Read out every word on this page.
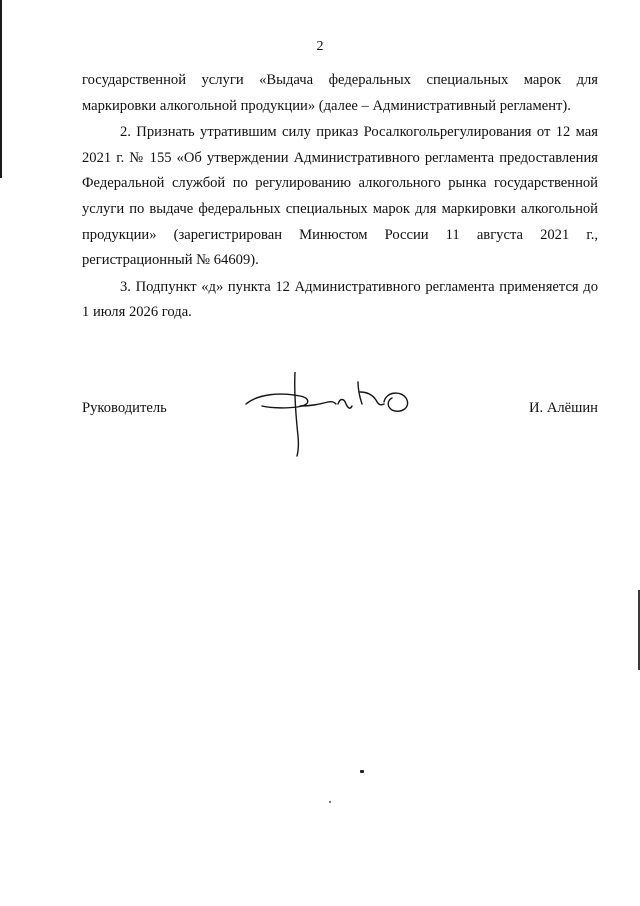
2

государственной услуги «Выдача федеральных специальных марок для маркировки алкогольной продукции» (далее – Административный регламент).

2. Признать утратившим силу приказ Росалкогольрегулирования от 12 мая 2021 г. № 155 «Об утверждении Административного регламента предоставления Федеральной службой по регулированию алкогольного рынка государственной услуги по выдаче федеральных специальных марок для маркировки алкогольной продукции» (зарегистрирован Минюстом России 11 августа 2021 г., регистрационный № 64609).

3. Подпункт «д» пункта 12 Административного регламента применяется до 1 июля 2026 года.

Руководитель	И. Алёшин
